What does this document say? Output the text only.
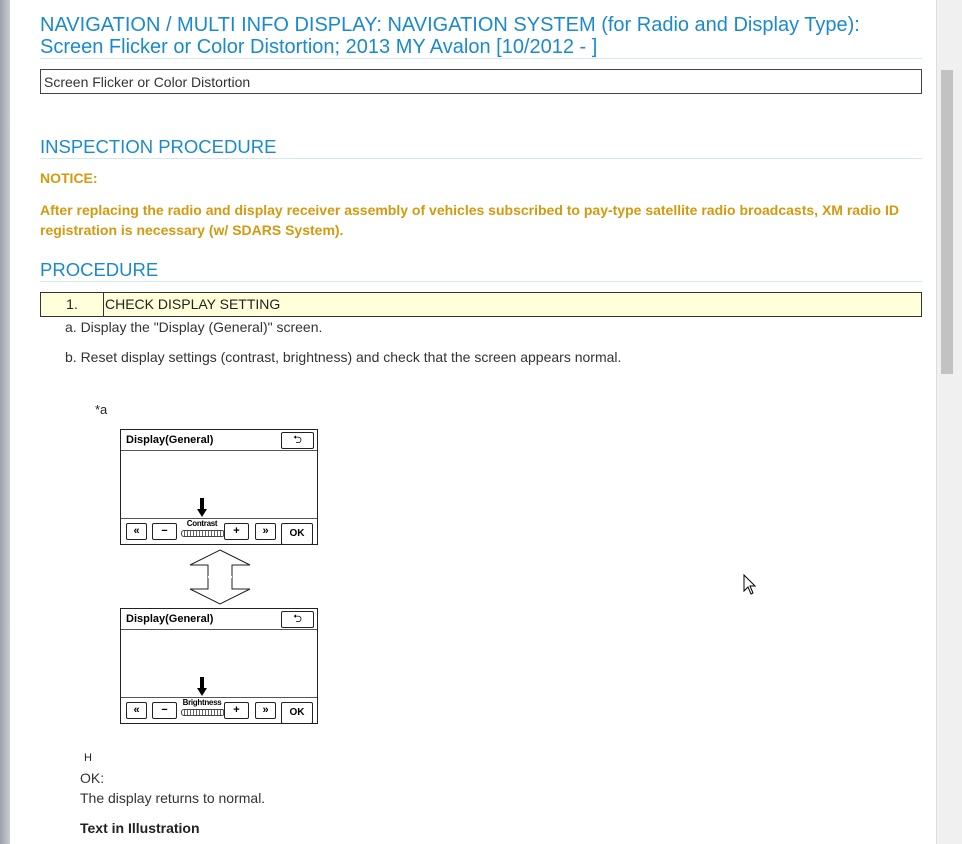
NAVIGATION / MULTI INFO DISPLAY: NAVIGATION SYSTEM (for Radio and Display Type): Screen Flicker or Color Distortion; 2013 MY Avalon [10/2012 - ]
Screen Flicker or Color Distortion
INSPECTION PROCEDURE
NOTICE:
After replacing the radio and display receiver assembly of vehicles subscribed to pay-type satellite radio broadcasts, XM radio ID registration is necessary (w/ SDARS System).
PROCEDURE
1.	CHECK DISPLAY SETTING
a. Display the "Display (General)" screen.
b. Reset display settings (contrast, brightness) and check that the screen appears normal.
*a
Display(General)	⮌
«	−
Contrast
+	»	OK
Display(General)	⮌
«	−
Brightness
+	»	OK
H
OK:
The display returns to normal.
Text in Illustration
